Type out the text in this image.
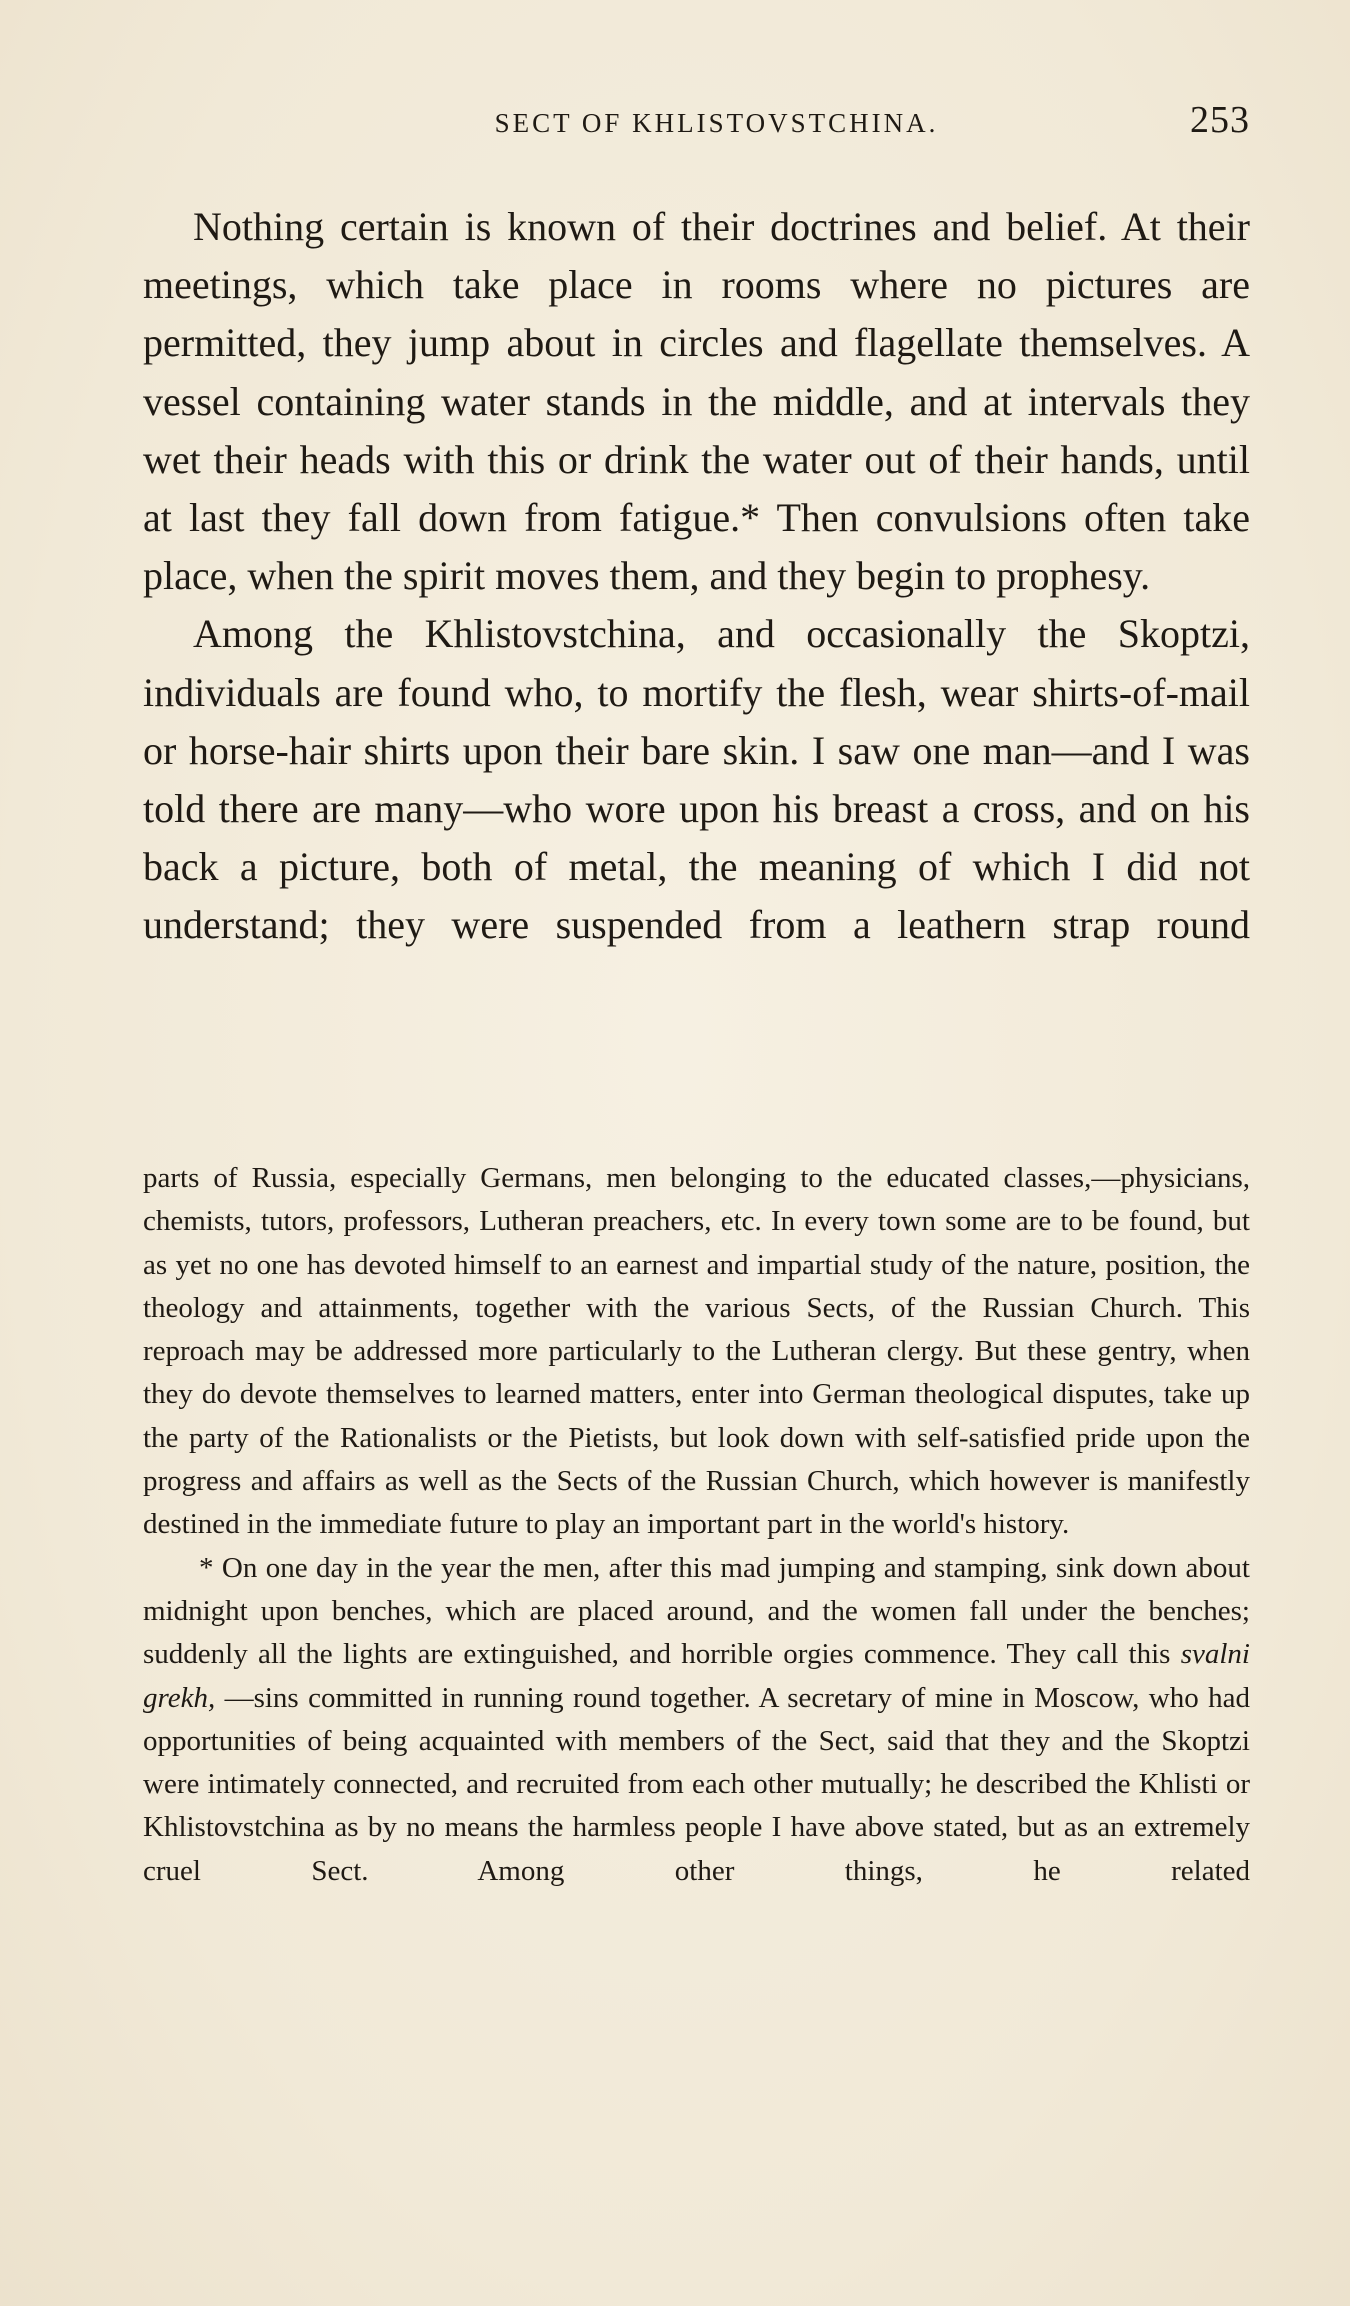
SECT OF KHLISTOVSTCHINA.	253

Nothing certain is known of their doctrines and belief. At their meetings, which take place in rooms where no pictures are permitted, they jump about in circles and flagellate themselves. A vessel containing water stands in the middle, and at intervals they wet their heads with this or drink the water out of their hands, until at last they fall down from fatigue.* Then convulsions often take place, when the spirit moves them, and they begin to prophesy.

Among the Khlistovstchina, and occasionally the Skoptzi, individuals are found who, to mortify the flesh, wear shirts-of-mail or horse-hair shirts upon their bare skin. I saw one man—and I was told there are many—who wore upon his breast a cross, and on his back a picture, both of metal, the meaning of which I did not understand; they were suspended from a leathern strap round

parts of Russia, especially Germans, men belonging to the educated classes,—physicians, chemists, tutors, professors, Lutheran preachers, etc. In every town some are to be found, but as yet no one has devoted himself to an earnest and impartial study of the nature, position, the theology and attainments, together with the various Sects, of the Russian Church. This reproach may be addressed more particularly to the Lutheran clergy. But these gentry, when they do devote themselves to learned matters, enter into German theological disputes, take up the party of the Rationalists or the Pietists, but look down with self-satisfied pride upon the progress and affairs as well as the Sects of the Russian Church, which however is manifestly destined in the immediate future to play an important part in the world's history.

* On one day in the year the men, after this mad jumping and stamping, sink down about midnight upon benches, which are placed around, and the women fall under the benches; suddenly all the lights are extinguished, and horrible orgies commence. They call this svalni grekh, —sins committed in running round together. A secretary of mine in Moscow, who had opportunities of being acquainted with members of the Sect, said that they and the Skoptzi were intimately connected, and recruited from each other mutually; he described the Khlisti or Khlistovstchina as by no means the harmless people I have above stated, but as an extremely cruel Sect. Among other things, he related
